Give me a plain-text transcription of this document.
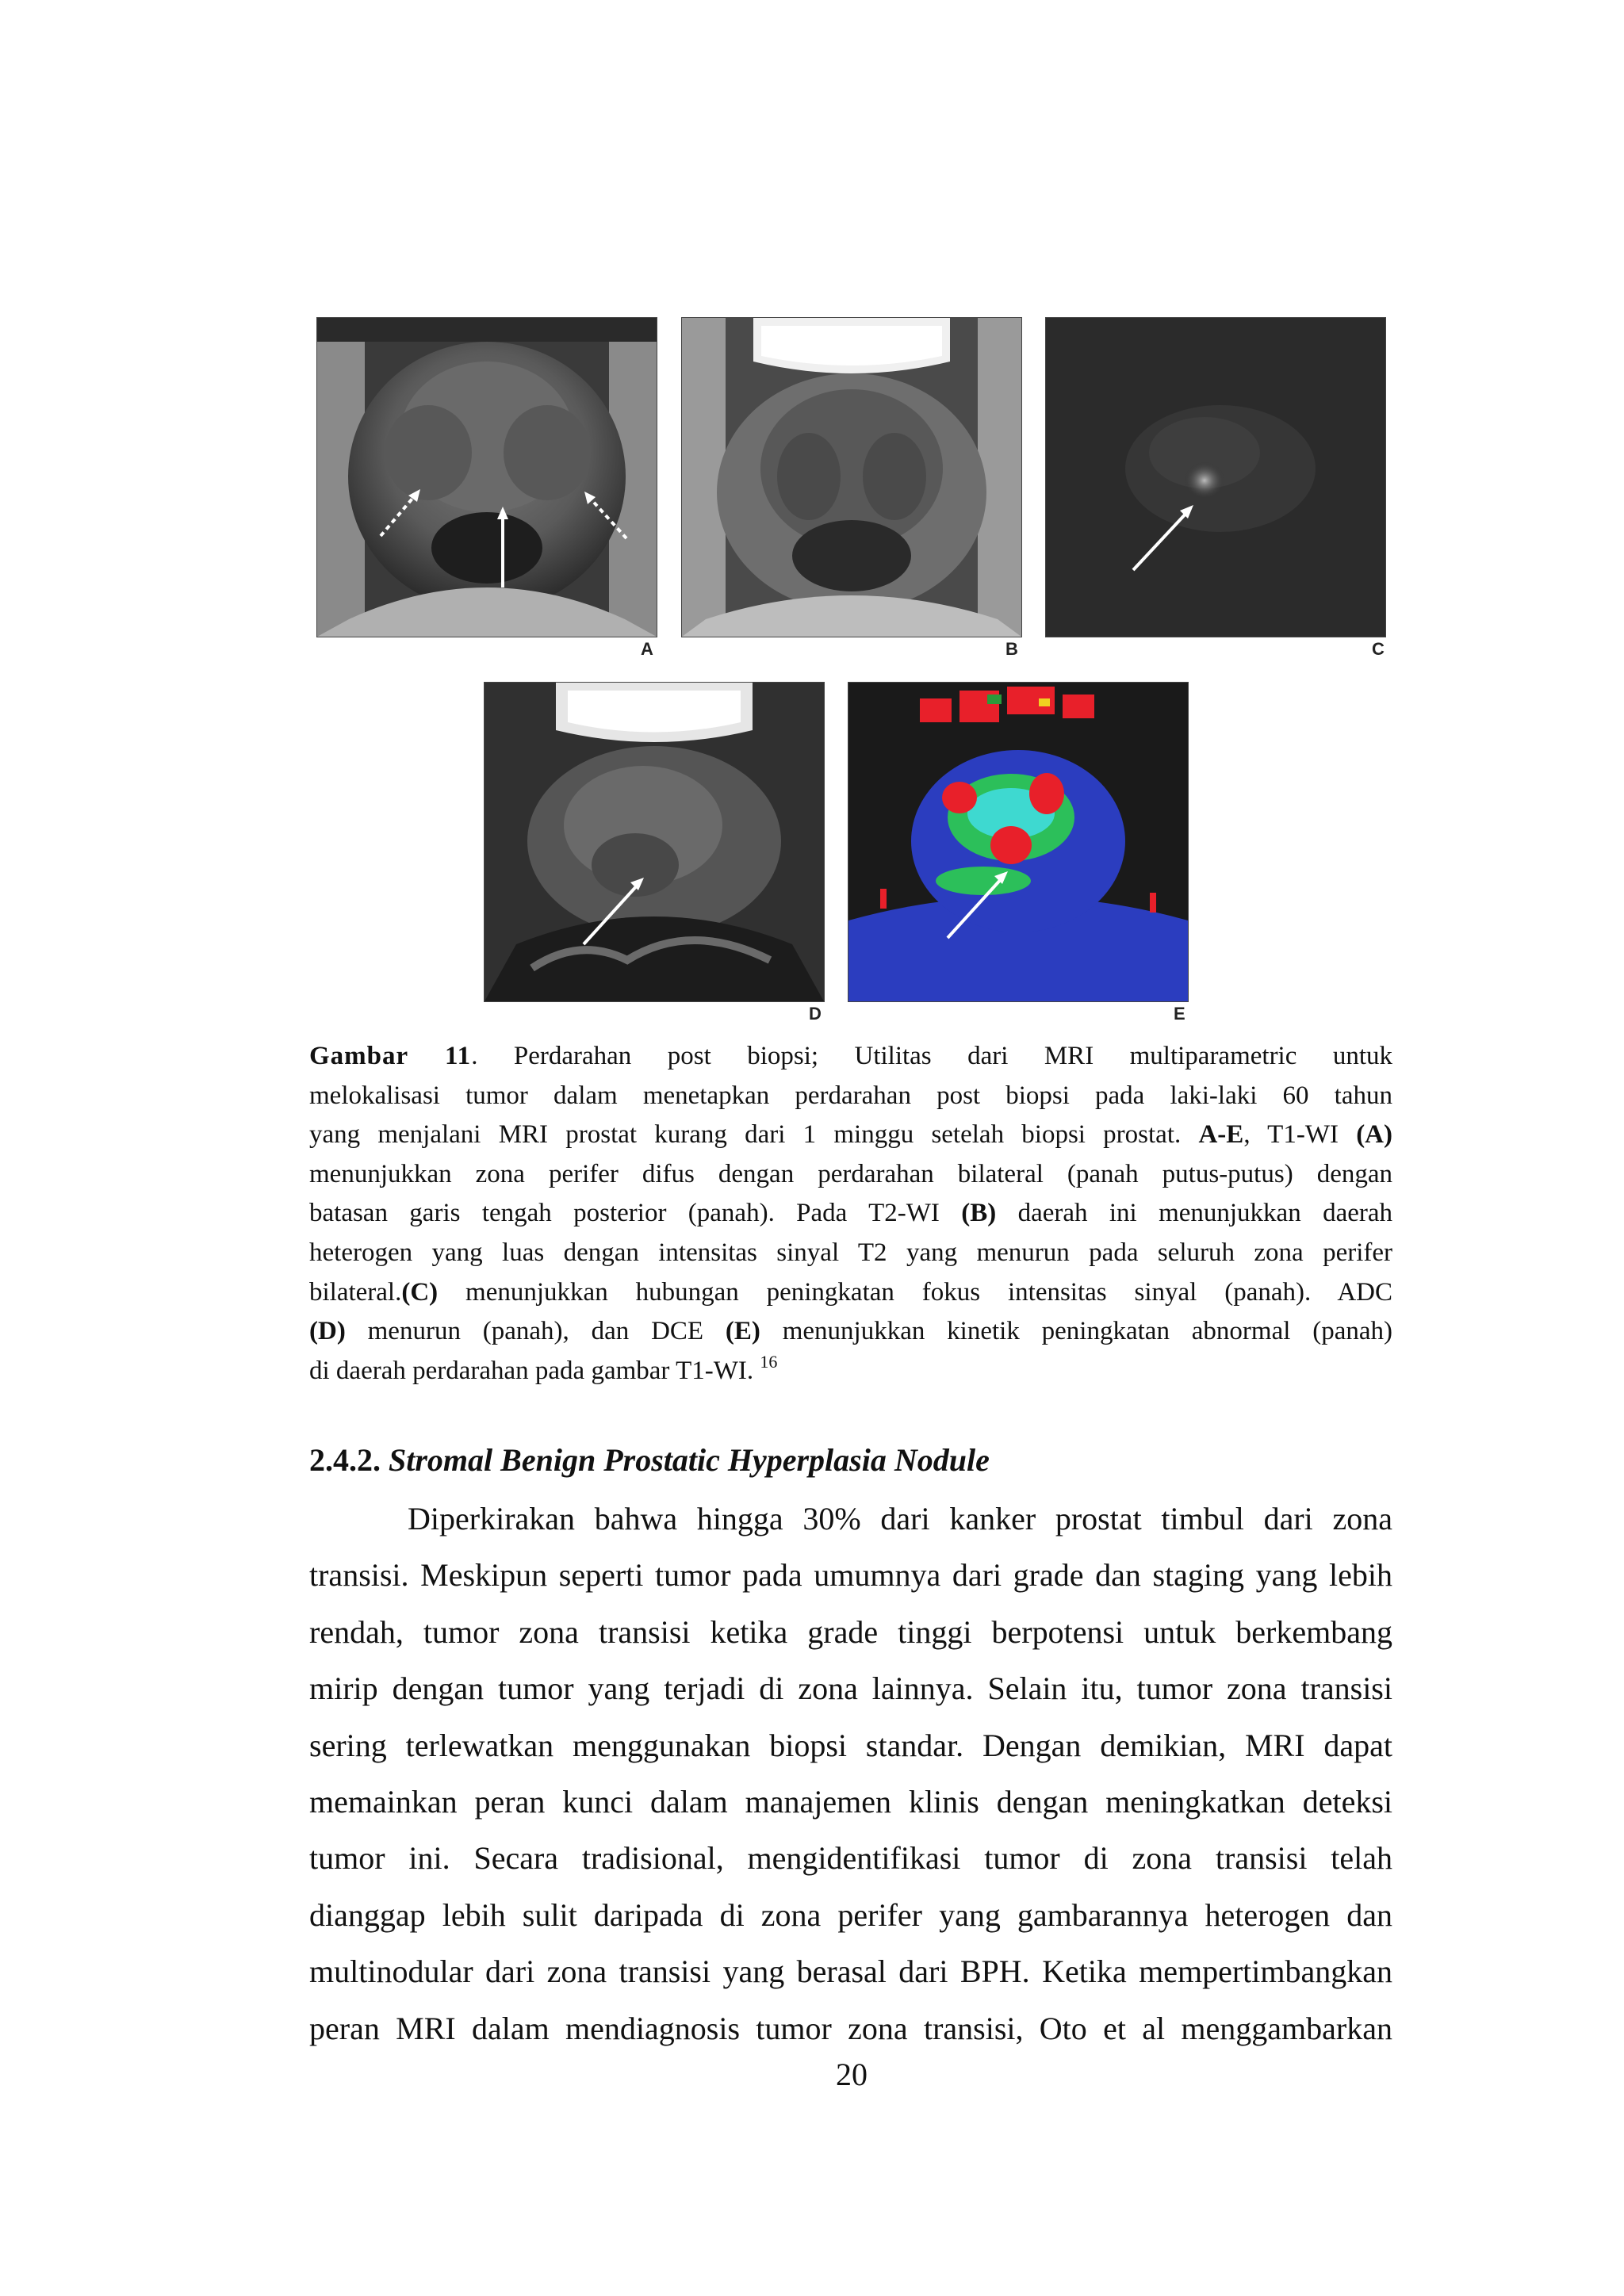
A	B	C
D	E

Gambar 11. Perdarahan post biopsi; Utilitas dari MRI multiparametric untuk

melokalisasi tumor dalam menetapkan perdarahan post biopsi pada laki-laki 60 tahun

yang menjalani MRI prostat kurang dari 1 minggu setelah biopsi prostat. A-E, T1-WI (A)

menunjukkan zona perifer difus dengan perdarahan bilateral (panah putus-putus) dengan

batasan garis tengah posterior (panah). Pada T2-WI (B) daerah ini menunjukkan daerah

heterogen yang luas dengan intensitas sinyal T2 yang menurun pada seluruh zona perifer

bilateral.(C) menunjukkan hubungan peningkatan fokus intensitas sinyal (panah). ADC

(D) menurun (panah), dan DCE (E) menunjukkan kinetik peningkatan abnormal (panah)

di daerah perdarahan pada gambar T1-WI. $^{16}$

2.4.2. Stromal Benign Prostatic Hyperplasia Nodule

Diperkirakan bahwa hingga 30% dari kanker prostat timbul dari zona

transisi. Meskipun seperti tumor pada umumnya dari grade dan staging yang lebih

rendah, tumor zona transisi ketika grade tinggi berpotensi untuk berkembang

mirip dengan tumor yang terjadi di zona lainnya. Selain itu, tumor zona transisi

sering terlewatkan menggunakan biopsi standar. Dengan demikian, MRI dapat

memainkan peran kunci dalam manajemen klinis dengan meningkatkan deteksi

tumor ini. Secara tradisional, mengidentifikasi tumor di zona transisi telah

dianggap lebih sulit daripada di zona perifer yang gambarannya heterogen dan

multinodular dari zona transisi yang berasal dari BPH. Ketika mempertimbangkan

peran MRI dalam mendiagnosis tumor zona transisi, Oto et al menggambarkan

20
